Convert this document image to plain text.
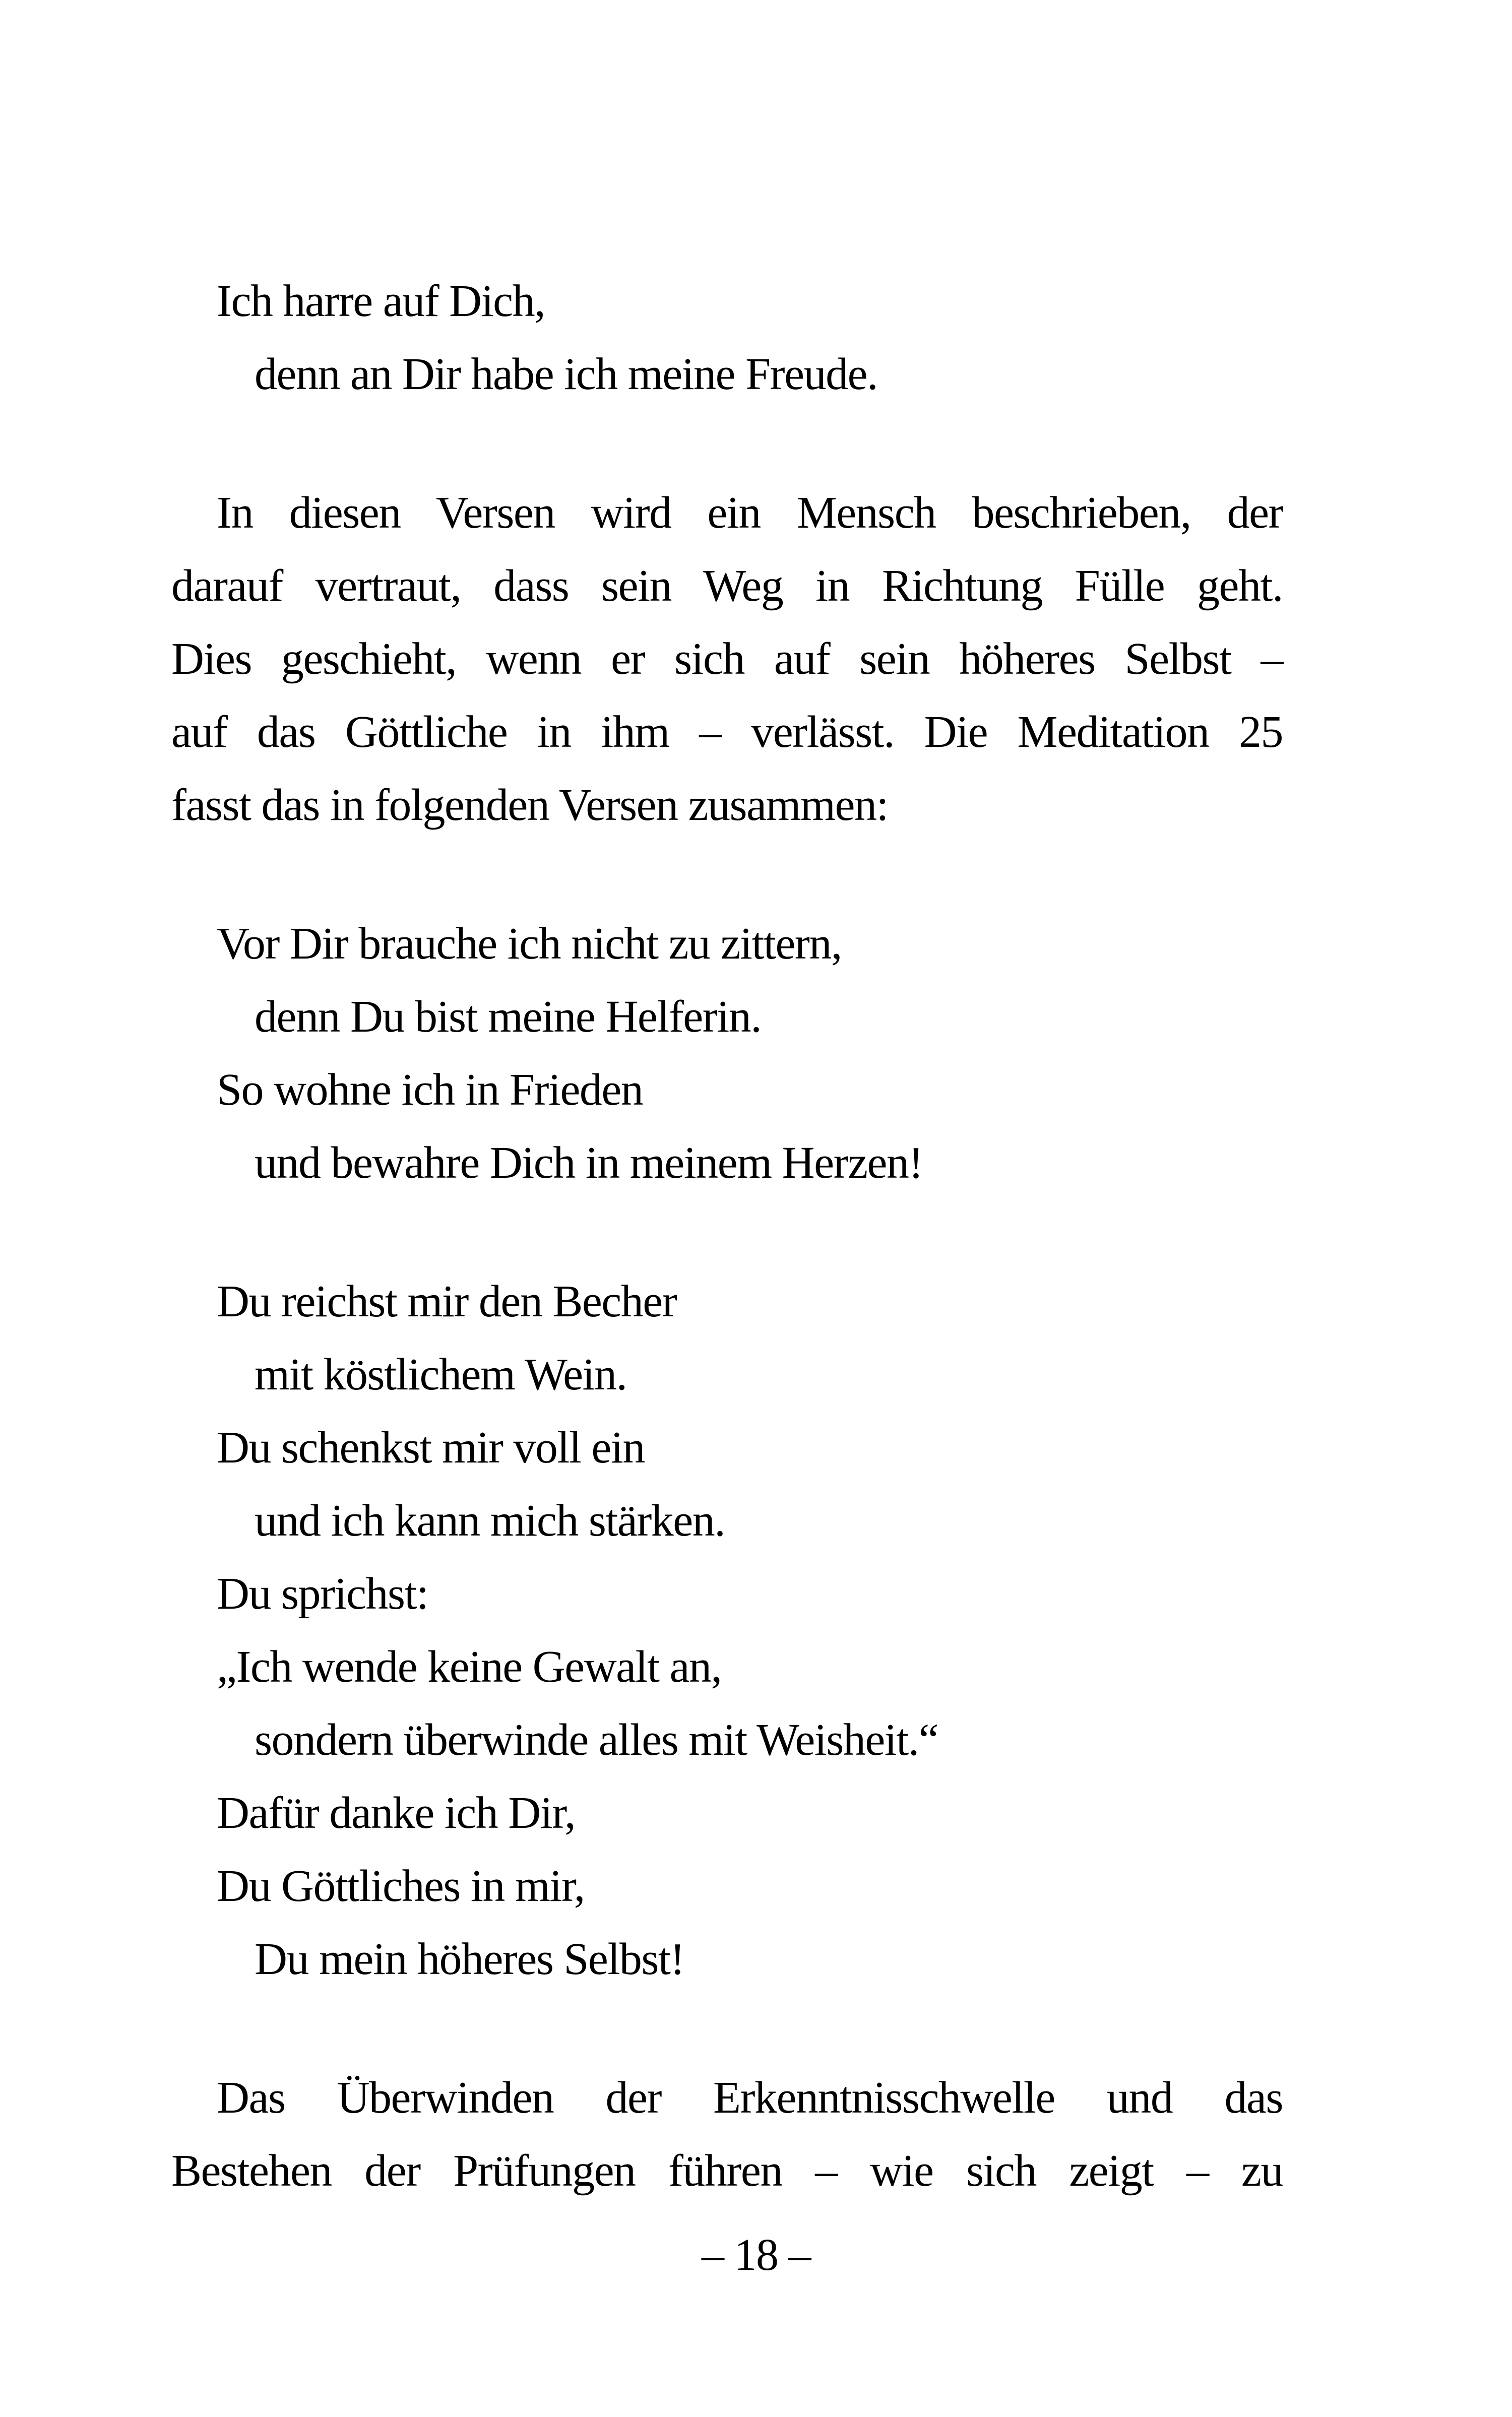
Ich harre auf Dich,
denn an Dir habe ich meine Freude.
In diesen Versen wird ein Mensch beschrieben, der
darauf vertraut, dass sein Weg in Richtung Fülle geht.
Dies geschieht, wenn er sich auf sein höheres Selbst –
auf das Göttliche in ihm – verlässt. Die Meditation 25
fasst das in folgenden Versen zusammen:
Vor Dir brauche ich nicht zu zittern,
denn Du bist meine Helferin.
So wohne ich in Frieden
und bewahre Dich in meinem Herzen!
Du reichst mir den Becher
mit köstlichem Wein.
Du schenkst mir voll ein
und ich kann mich stärken.
Du sprichst:
„Ich wende keine Gewalt an,
sondern überwinde alles mit Weisheit.“
Dafür danke ich Dir,
Du Göttliches in mir,
Du mein höheres Selbst!
Das Überwinden der Erkenntnisschwelle und das
Bestehen der Prüfungen führen – wie sich zeigt – zu
– 18 –
